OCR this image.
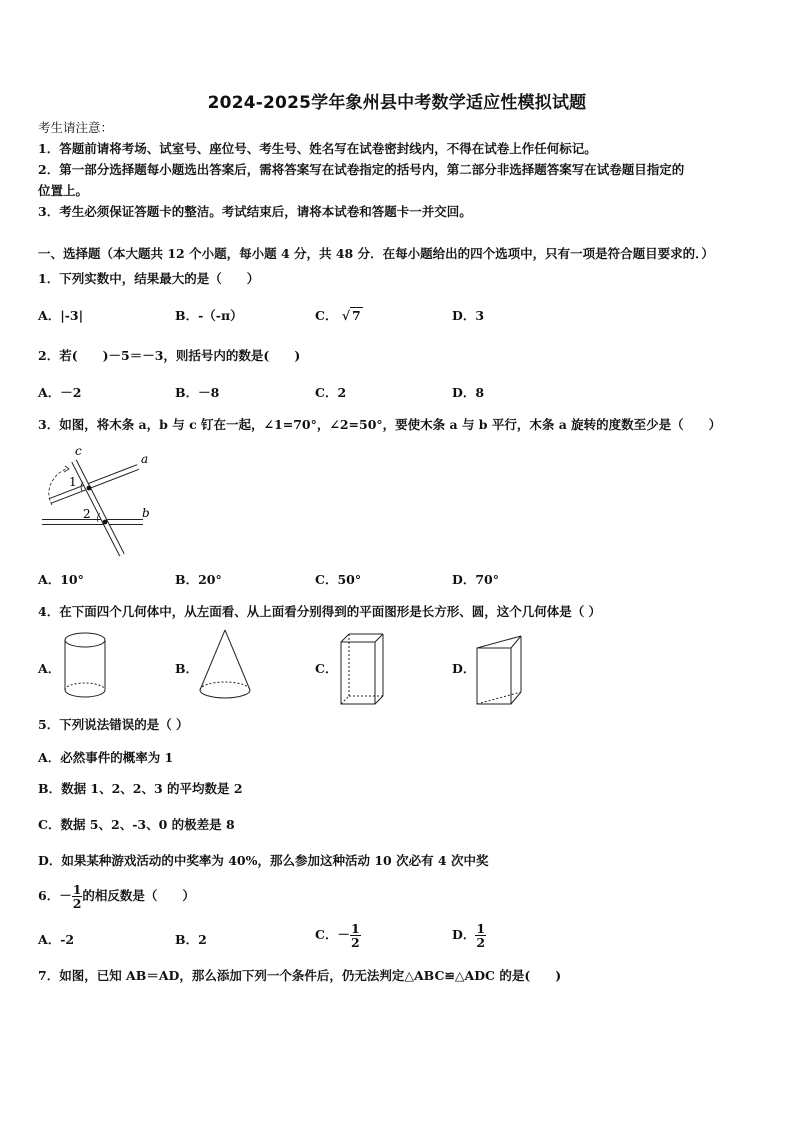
2024-2025学年象州县中考数学适应性模拟试题
考生请注意：
1．答题前请将考场、试室号、座位号、考生号、姓名写在试卷密封线内，不得在试卷上作任何标记。
2．第一部分选择题每小题选出答案后，需将答案写在试卷指定的括号内，第二部分非选择题答案写在试卷题目指定的
位置上。
3．考生必须保证答题卡的整洁。考试结束后，请将本试卷和答题卡一并交回。
一、选择题（本大题共 12 个小题，每小题 4 分，共 48 分．在每小题给出的四个选项中，只有一项是符合题目要求的．）
1．下列实数中，结果最大的是（　　）
A．|-3|	B．-（-π）	C． √ 7	D．3
2．若(　　)－5＝－3，则括号内的数是(　　)
A．－2	B．－8	C．2	D．8
3．如图，将木条 a，b 与 c 钉在一起，∠1=70°，∠2=50°，要使木条 a 与 b 平行，木条 a 旋转的度数至少是（　　）
c
a
b
1
2
A．10°	B．20°	C．50°	D．70°
4．在下面四个几何体中，从左面看、从上面看分别得到的平面图形是长方形、圆，这个几何体是（ ）
A．	B．	C．	D．
5．下列说法错误的是（ ）
A．必然事件的概率为 1
B．数据 1、2、2、3 的平均数是 2
C．数据 5、2、-3、0 的极差是 8
D．如果某种游戏活动的中奖率为 40%，那么参加这种活动 10 次必有 4 次中奖
6．－ $\frac{1}{2}$ 的相反数是（　　）
A．-2	B．2	C．－ $\frac{1}{2}$	D． $\frac{1}{2}$
7．如图，已知 AB＝AD，那么添加下列一个条件后，仍无法判定△ABC≌△ADC 的是(　　)
